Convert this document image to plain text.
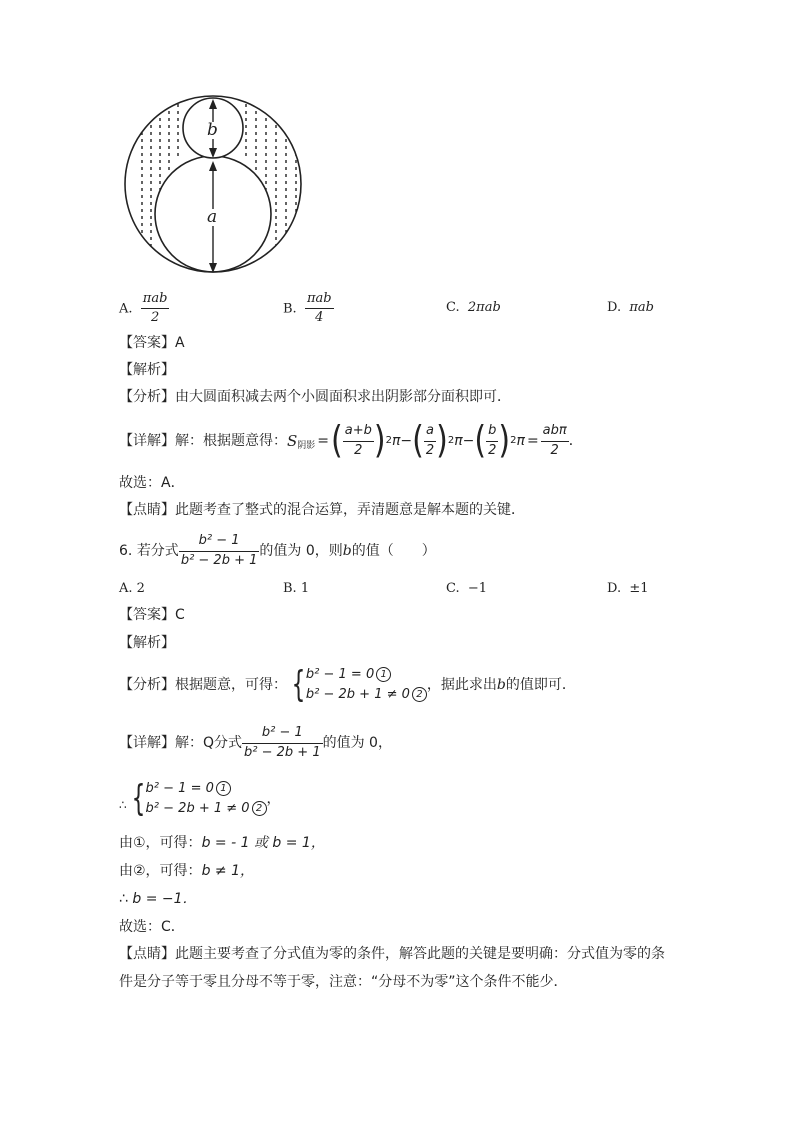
b
a
A. $\frac{\text{πab}}{2}$	B. $\frac{\text{πab}}{4}$	C. 2πab	D. πab
【答案】A
【解析】
【分析】由大圆面积减去两个小圆面积求出阴影部分面积即可．
【详解】 解：根据题意得： S 阴影 = ( $\frac{a+b}{2}$ ) 2 π − ( $\frac{a}{2}$ ) 2 π − ( $\frac{b}{2}$ ) 2 $\pi = \frac{\text{abπ}}{2}$ ．
故选：A．
【点睛】此题考查了整式的混合运算，弄清题意是解本题的关键．
6.
若分式 $\frac{\text{b² − 1}}{\text{b² − 2b + 1}}$ 的值为 0，则 b 的值（　　）
A. 2	B. 1	C. −1	D. ±1
【答案】C
【解析】
【分析】 根据题意，可得： { b² − 1 = 0 1
b² − 2b + 1 ≠ 0 2
，据此求出 b 的值即可．
【详解】 解： Q 分式 $\frac{\text{b² − 1}}{\text{b² − 2b + 1}}$ 的值为 0，
∴ { b² − 1 = 0 1
b² − 2b + 1 ≠ 0 2
，
由①，可得：b = - 1 或 b = 1，
由②，可得：b ≠ 1，
∴ b = −1．
故选：C．
【点睛】此题主要考查了分式值为零的条件，解答此题的关键是要明确：分式值为零的条
件是分子等于零且分母不等于零，注意：“分母不为零”这个条件不能少．
